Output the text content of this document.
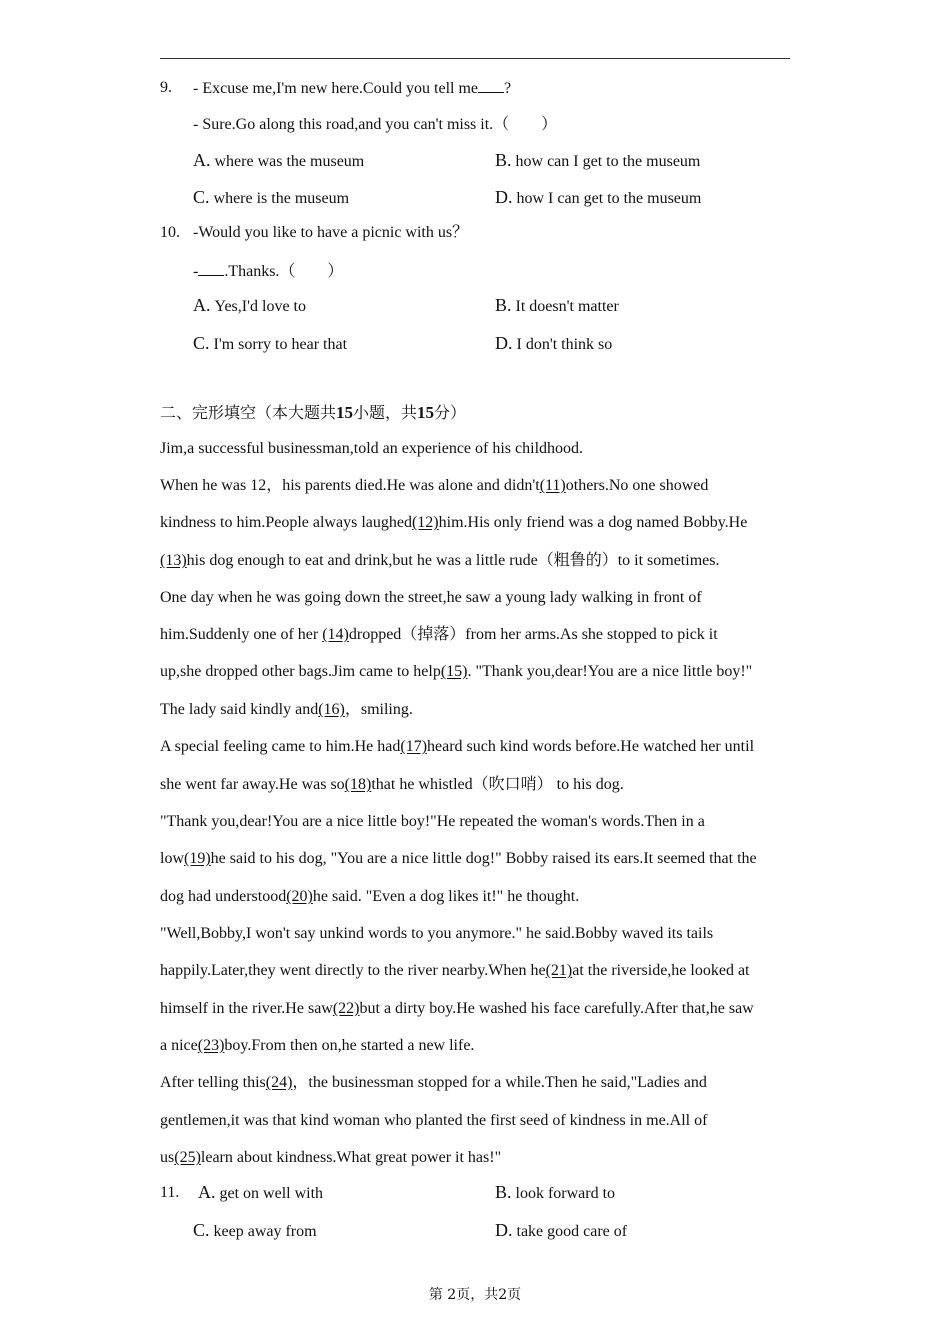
9. - Excuse me,I'm new here.Could you tell me ?
- Sure.Go along this road,and you can't miss it.（　　）
A. where was the museum	B. how can I get to the museum
C. where is the museum	D. how I can get to the museum
10. -Would you like to have a picnic with us？
- .Thanks.（　　）
A. Yes,I'd love to	B. It doesn't matter
C. I'm sorry to hear that	D. I don't think so
二、完形填空（本大题共15小题，共15分）
Jim,a successful businessman,told an experience of his childhood.
When he was 12，his parents died.He was alone and didn't(11)others.No one showed
kindness to him.People always laughed(12)him.His only friend was a dog named Bobby.He
(13)his dog enough to eat and drink,but he was a little rude（粗鲁的）to it sometimes.
One day when he was going down the street,he saw a young lady walking in front of
him.Suddenly one of her (14)dropped（掉落）from her arms.As she stopped to pick it
up,she dropped other bags.Jim came to help(15). "Thank you,dear!You are a nice little boy!"
The lady said kindly and(16)，smiling.
A special feeling came to him.He had(17)heard such kind words before.He watched her until
she went far away.He was so(18)that he whistled（吹口哨） to his dog.
"Thank you,dear!You are a nice little boy!"He repeated the woman's words.Then in a
low(19)he said to his dog, "You are a nice little dog!" Bobby raised its ears.It seemed that the
dog had understood(20)he said. "Even a dog likes it!" he thought.
"Well,Bobby,I won't say unkind words to you anymore." he said.Bobby waved its tails
happily.Later,they went directly to the river nearby.When he(21)at the riverside,he looked at
himself in the river.He saw(22)but a dirty boy.He washed his face carefully.After that,he saw
a nice(23)boy.From then on,he started a new life.
After telling this(24)，the businessman stopped for a while.Then he said,"Ladies and
gentlemen,it was that kind woman who planted the first seed of kindness in me.All of
us(25)learn about kindness.What great power it has!"
11. A. get on well with	B. look forward to
C. keep away from	D. take good care of
第 2页，共2页
